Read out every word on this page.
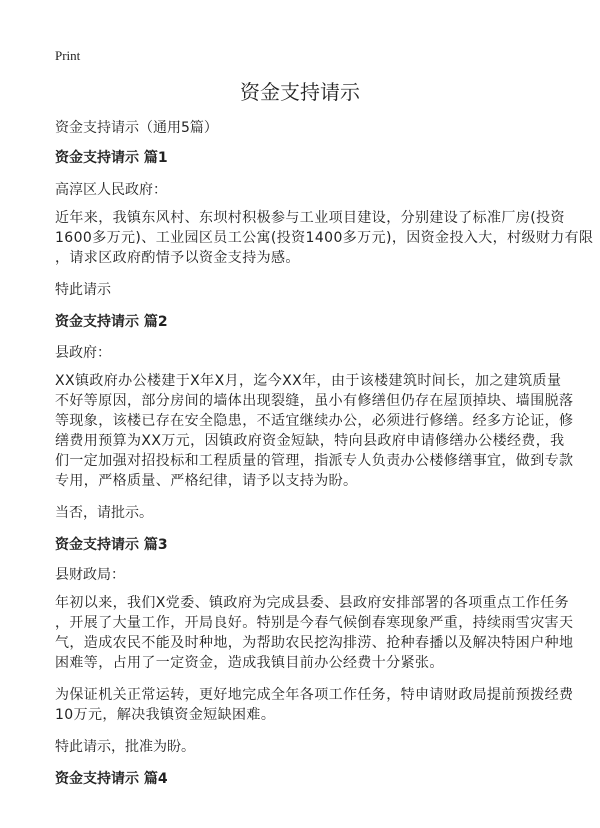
Print
资金支持请示
资金支持请示（通用5篇）
资金支持请示 篇1
高淳区人民政府：
近年来，我镇东风村、东坝村积极参与工业项目建设，分别建设了标准厂房(投资
1600多万元)、工业园区员工公寓(投资1400多万元)，因资金投入大，村级财力有限
，请求区政府酌情予以资金支持为感。
特此请示
资金支持请示 篇2
县政府：
XX镇政府办公楼建于X年X月，迄今XX年，由于该楼建筑时间长，加之建筑质量
不好等原因，部分房间的墙体出现裂缝，虽小有修缮但仍存在屋顶掉块、墙围脱落
等现象，该楼已存在安全隐患，不适宜继续办公，必须进行修缮。经多方论证，修
缮费用预算为XX万元，因镇政府资金短缺，特向县政府申请修缮办公楼经费，我
们一定加强对招投标和工程质量的管理，指派专人负责办公楼修缮事宜，做到专款
专用，严格质量、严格纪律，请予以支持为盼。
当否，请批示。
资金支持请示 篇3
县财政局：
年初以来，我们X党委、镇政府为完成县委、县政府安排部署的各项重点工作任务
，开展了大量工作，开局良好。特别是今春气候倒春寒现象严重，持续雨雪灾害天
气，造成农民不能及时种地，为帮助农民挖沟排涝、抢种春播以及解决特困户种地
困难等，占用了一定资金，造成我镇目前办公经费十分紧张。
为保证机关正常运转，更好地完成全年各项工作任务，特申请财政局提前预拨经费
10万元，解决我镇资金短缺困难。
特此请示，批准为盼。
资金支持请示 篇4
